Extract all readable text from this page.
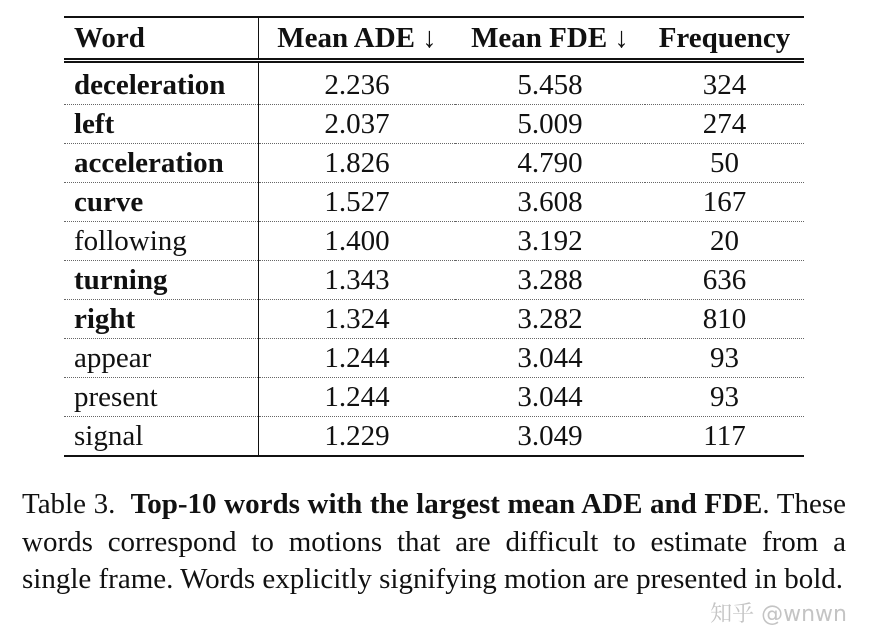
Word	Mean ADE ↓	Mean FDE ↓	Frequency
deceleration	2.236	5.458	324
left	2.037	5.009	274
acceleration	1.826	4.790	50
curve	1.527	3.608	167
following	1.400	3.192	20
turning	1.343	3.288	636
right	1.324	3.282	810
appear	1.244	3.044	93
present	1.244	3.044	93
signal	1.229	3.049	117

Table 3. Top-10 words with the largest mean ADE and FDE. These words correspond to motions that are difficult to estimate from a single frame. Words explicitly signifying motion are presented in bold.

知乎 @wnwn
